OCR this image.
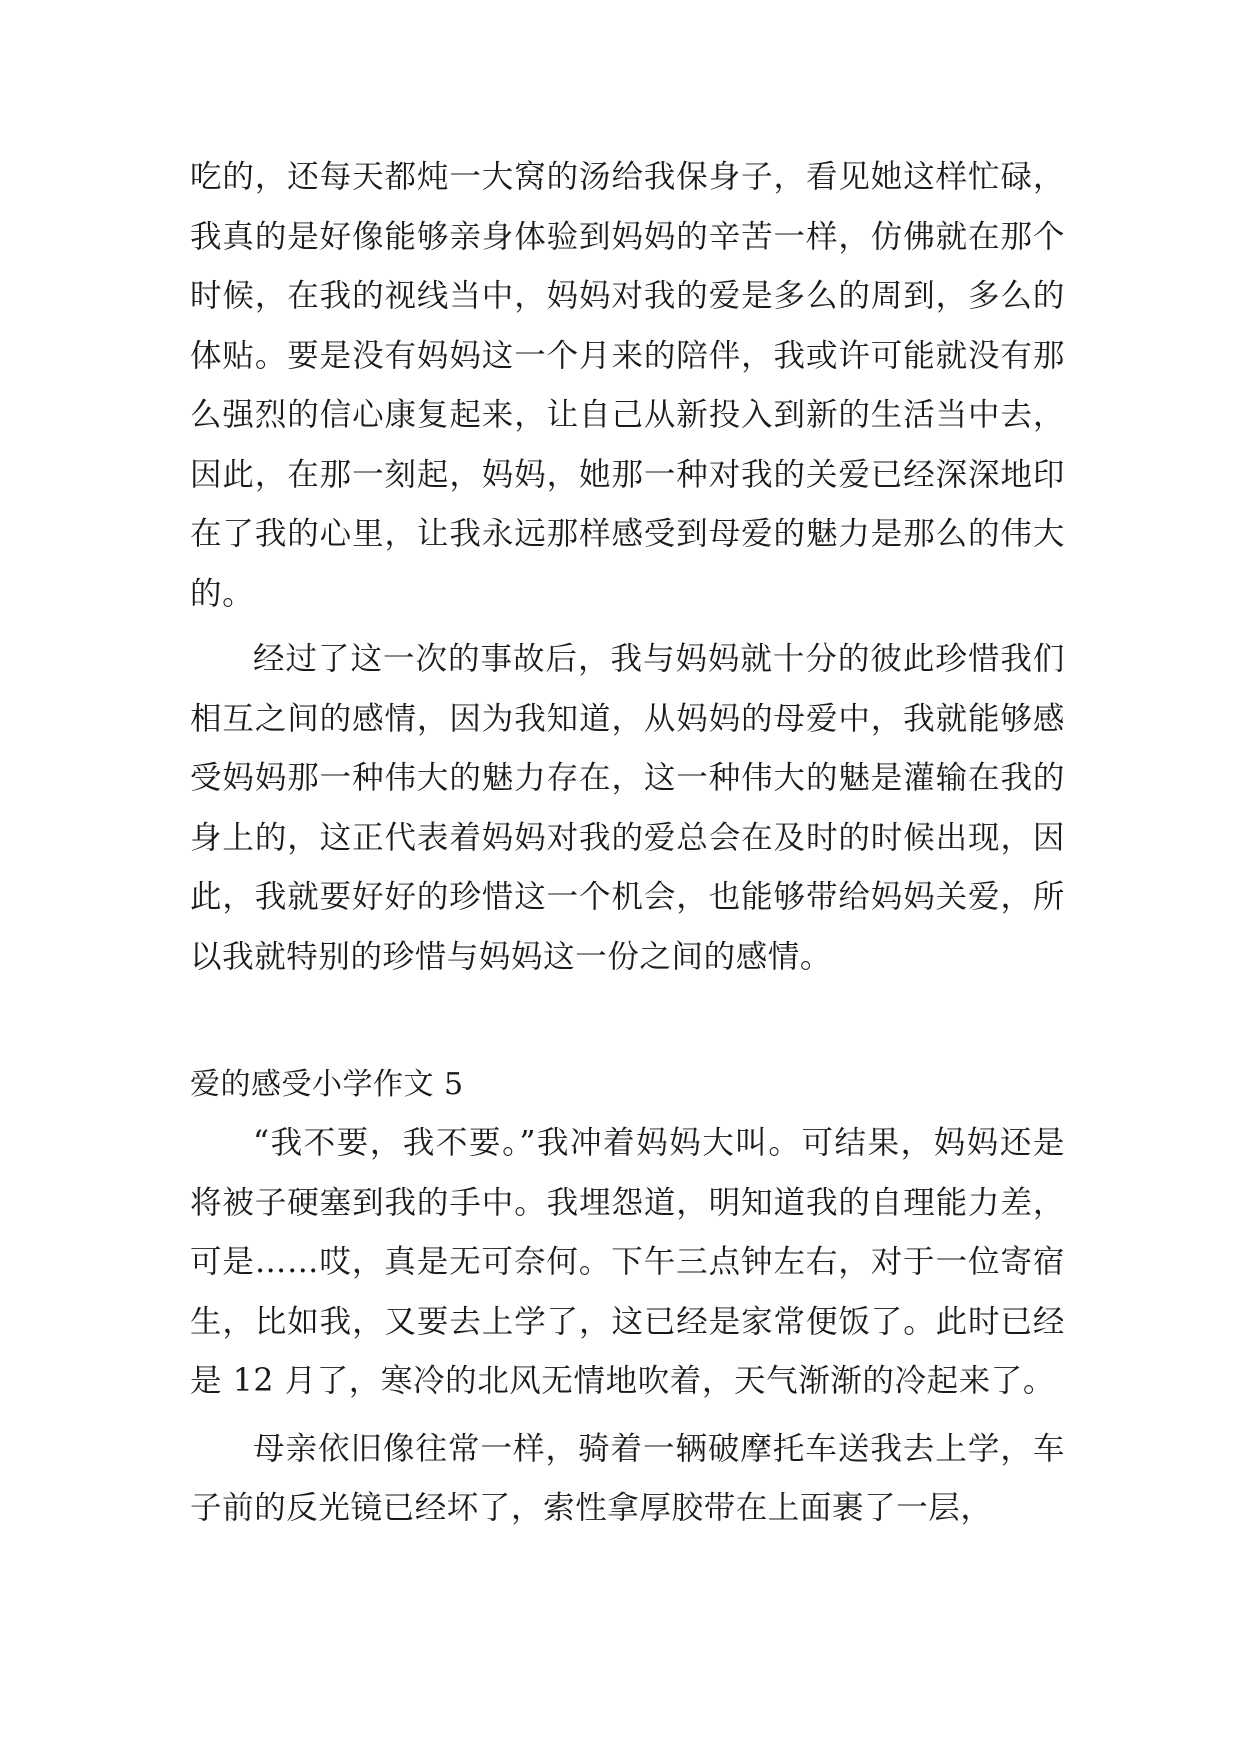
吃的，还每天都炖一大窝的汤给我保身子，看见她这样忙碌，我真的是好像能够亲身体验到妈妈的辛苦一样，仿佛就在那个时候，在我的视线当中，妈妈对我的爱是多么的周到，多么的体贴。要是没有妈妈这一个月来的陪伴，我或许可能就没有那么强烈的信心康复起来，让自己从新投入到新的生活当中去，因此，在那一刻起，妈妈，她那一种对我的关爱已经深深地印在了我的心里，让我永远那样感受到母爱的魅力是那么的伟大的。

经过了这一次的事故后，我与妈妈就十分的彼此珍惜我们相互之间的感情，因为我知道，从妈妈的母爱中，我就能够感受妈妈那一种伟大的魅力存在，这一种伟大的魅是灌输在我的身上的，这正代表着妈妈对我的爱总会在及时的时候出现，因此，我就要好好的珍惜这一个机会，也能够带给妈妈关爱，所以我就特别的珍惜与妈妈这一份之间的感情。

爱的感受小学作文 5

“我不要，我不要。”我冲着妈妈大叫。可结果，妈妈还是将被子硬塞到我的手中。我埋怨道，明知道我的自理能力差，可是……哎，真是无可奈何。下午三点钟左右，对于一位寄宿生，比如我，又要去上学了，这已经是家常便饭了。此时已经是 12 月了，寒冷的北风无情地吹着，天气渐渐的冷起来了。

母亲依旧像往常一样，骑着一辆破摩托车送我去上学，车子前的反光镜已经坏了，索性拿厚胶带在上面裹了一层，
